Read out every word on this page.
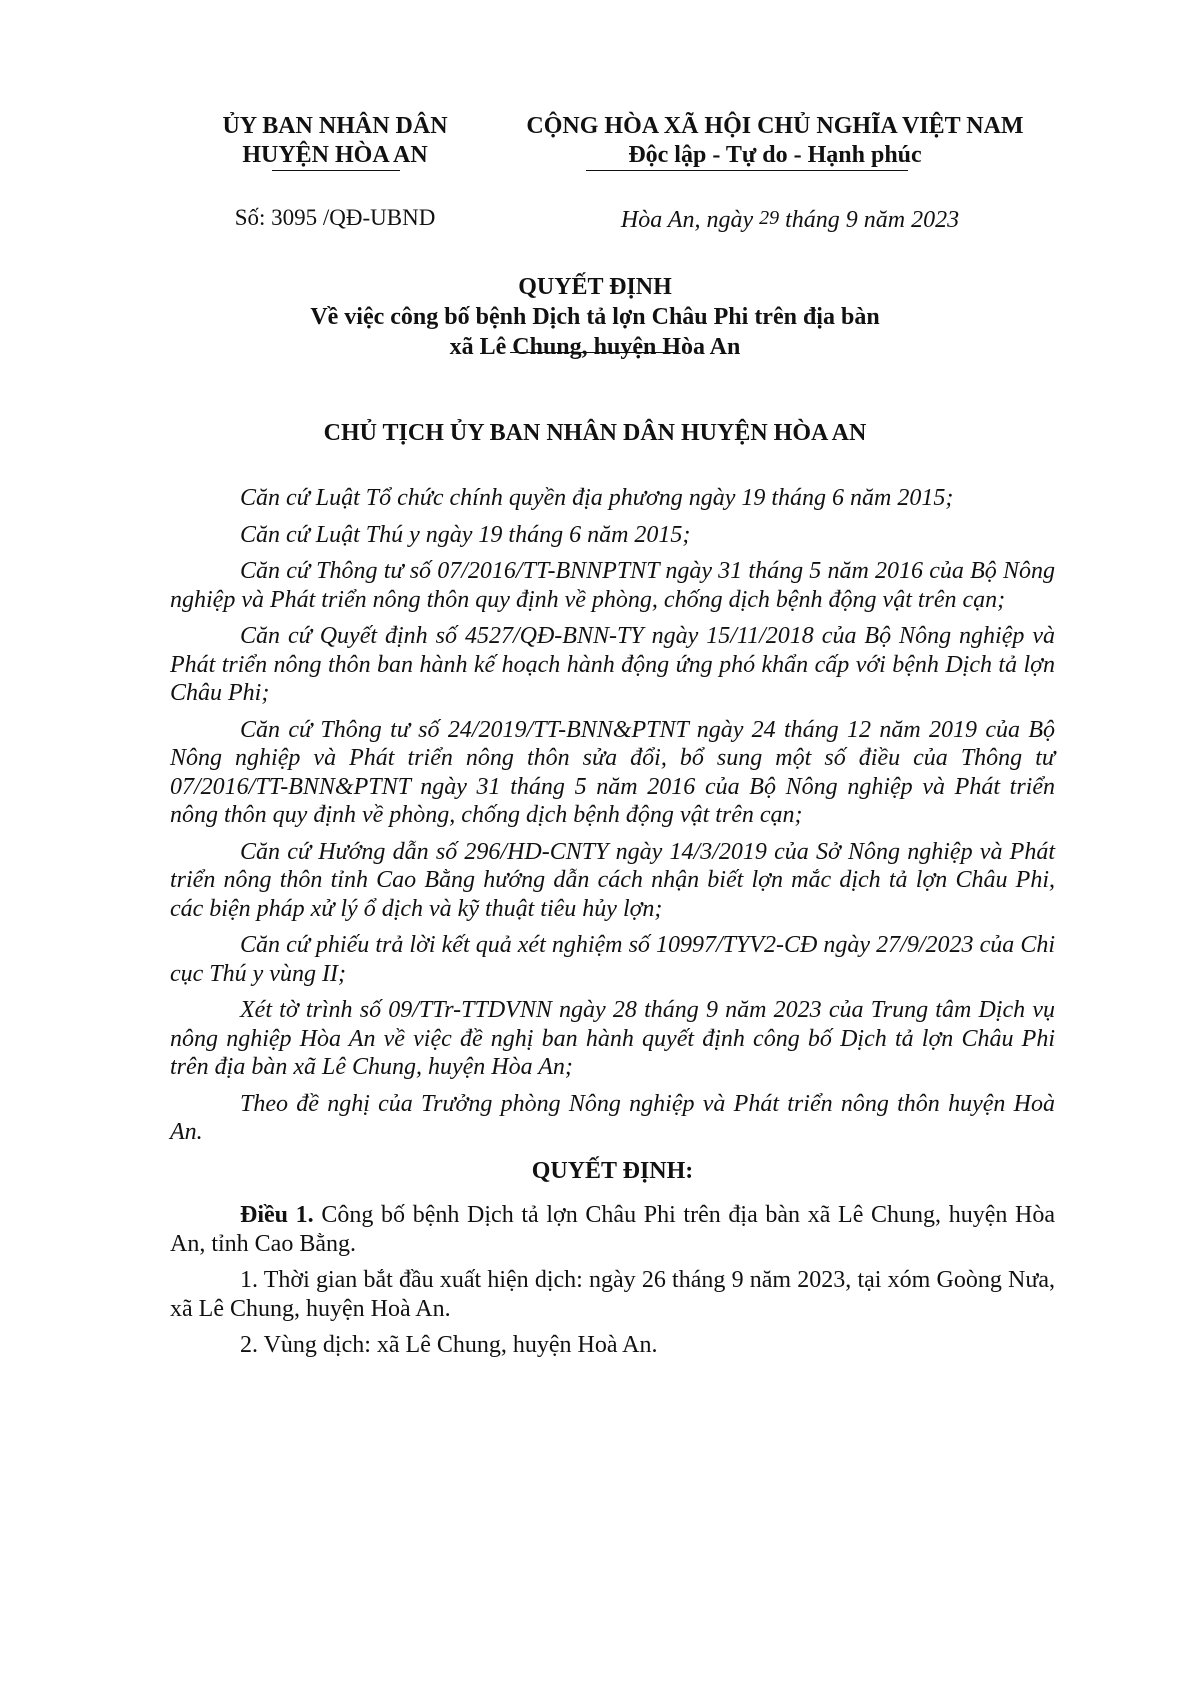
ỦY BAN NHÂN DÂN
HUYỆN HÒA AN
CỘNG HÒA XÃ HỘI CHỦ NGHĨA VIỆT NAM
Độc lập - Tự do - Hạnh phúc
Số: 3095 /QĐ-UBND	Hòa An, ngày 29 tháng 9 năm 2023
QUYẾT ĐỊNH
Về việc công bố bệnh Dịch tả lợn Châu Phi trên địa bàn
xã Lê Chung, huyện Hòa An
CHỦ TỊCH ỦY BAN NHÂN DÂN HUYỆN HÒA AN

Căn cứ Luật Tổ chức chính quyền địa phương ngày 19 tháng 6 năm 2015;

Căn cứ Luật Thú y ngày 19 tháng 6 năm 2015;

Căn cứ Thông tư số 07/2016/TT-BNNPTNT ngày 31 tháng 5 năm 2016 của Bộ Nông nghiệp và Phát triển nông thôn quy định về phòng, chống dịch bệnh động vật trên cạn;

Căn cứ Quyết định số 4527/QĐ-BNN-TY ngày 15/11/2018 của Bộ Nông nghiệp và Phát triển nông thôn ban hành kế hoạch hành động ứng phó khẩn cấp với bệnh Dịch tả lợn Châu Phi;

Căn cứ Thông tư số 24/2019/TT-BNN&PTNT ngày 24 tháng 12 năm 2019 của Bộ Nông nghiệp và Phát triển nông thôn sửa đổi, bổ sung một số điều của Thông tư 07/2016/TT-BNN&PTNT ngày 31 tháng 5 năm 2016 của Bộ Nông nghiệp và Phát triển nông thôn quy định về phòng, chống dịch bệnh động vật trên cạn;

Căn cứ Hướng dẫn số 296/HD-CNTY ngày 14/3/2019 của Sở Nông nghiệp và Phát triển nông thôn tỉnh Cao Bằng hướng dẫn cách nhận biết lợn mắc dịch tả lợn Châu Phi, các biện pháp xử lý ổ dịch và kỹ thuật tiêu hủy lợn;

Căn cứ phiếu trả lời kết quả xét nghiệm số 10997/TYV2-CĐ ngày 27/9/2023 của Chi cục Thú y vùng II;

Xét tờ trình số 09/TTr-TTDVNN ngày 28 tháng 9 năm 2023 của Trung tâm Dịch vụ nông nghiệp Hòa An về việc đề nghị ban hành quyết định công bố Dịch tả lợn Châu Phi trên địa bàn xã Lê Chung, huyện Hòa An;

Theo đề nghị của Trưởng phòng Nông nghiệp và Phát triển nông thôn huyện Hoà An.

QUYẾT ĐỊNH:

Điều 1. Công bố bệnh Dịch tả lợn Châu Phi trên địa bàn xã Lê Chung, huyện Hòa An, tỉnh Cao Bằng.

1. Thời gian bắt đầu xuất hiện dịch: ngày 26 tháng 9 năm 2023, tại xóm Goòng Nưa, xã Lê Chung, huyện Hoà An.

2. Vùng dịch: xã Lê Chung, huyện Hoà An.
